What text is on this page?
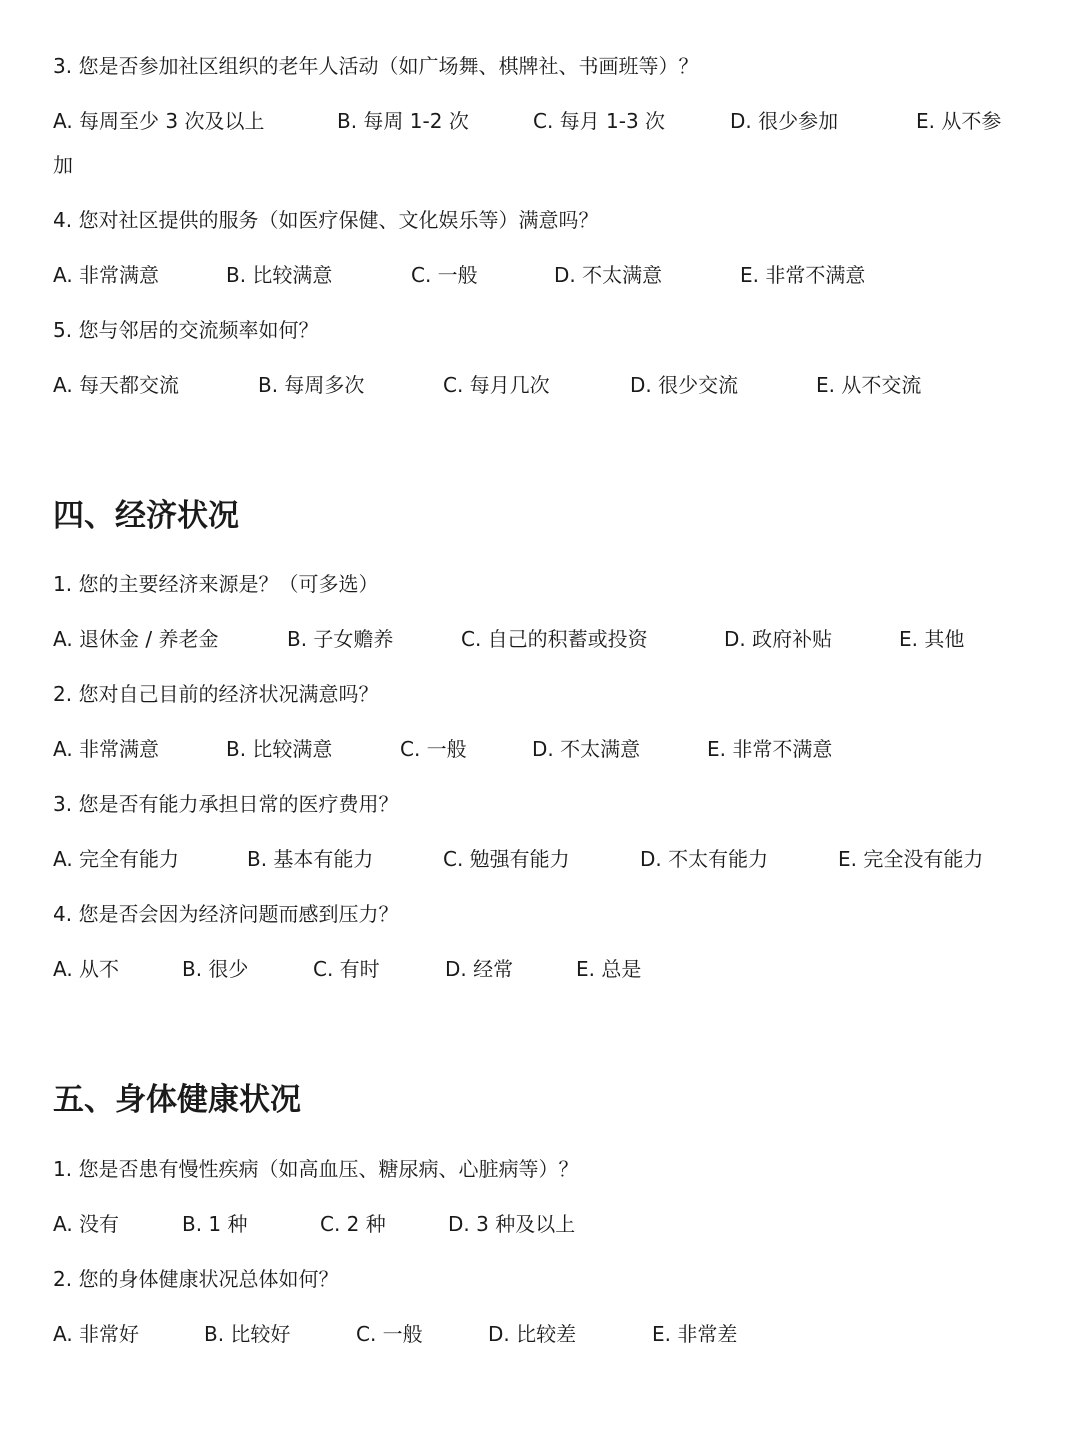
3. 您是否参加社区组织的老年人活动（如广场舞、棋牌社、书画班等）？
A. 每周至少 3 次及以上	B. 每周 1-2 次	C. 每月 1-3 次	D. 很少参加	E. 从不参
加
4. 您对社区提供的服务（如医疗保健、文化娱乐等）满意吗？
A. 非常满意	B. 比较满意	C. 一般	D. 不太满意	E. 非常不满意
5. 您与邻居的交流频率如何？
A. 每天都交流	B. 每周多次	C. 每月几次	D. 很少交流	E. 从不交流
四、经济状况
1. 您的主要经济来源是？（可多选）
A. 退休金 / 养老金	B. 子女赡养	C. 自己的积蓄或投资	D. 政府补贴	E. 其他
2. 您对自己目前的经济状况满意吗？
A. 非常满意	B. 比较满意	C. 一般	D. 不太满意	E. 非常不满意
3. 您是否有能力承担日常的医疗费用？
A. 完全有能力	B. 基本有能力	C. 勉强有能力	D. 不太有能力	E. 完全没有能力
4. 您是否会因为经济问题而感到压力？
A. 从不	B. 很少	C. 有时	D. 经常	E. 总是
五、身体健康状况
1. 您是否患有慢性疾病（如高血压、糖尿病、心脏病等）？
A. 没有	B. 1 种	C. 2 种	D. 3 种及以上
2. 您的身体健康状况总体如何？
A. 非常好	B. 比较好	C. 一般	D. 比较差	E. 非常差
